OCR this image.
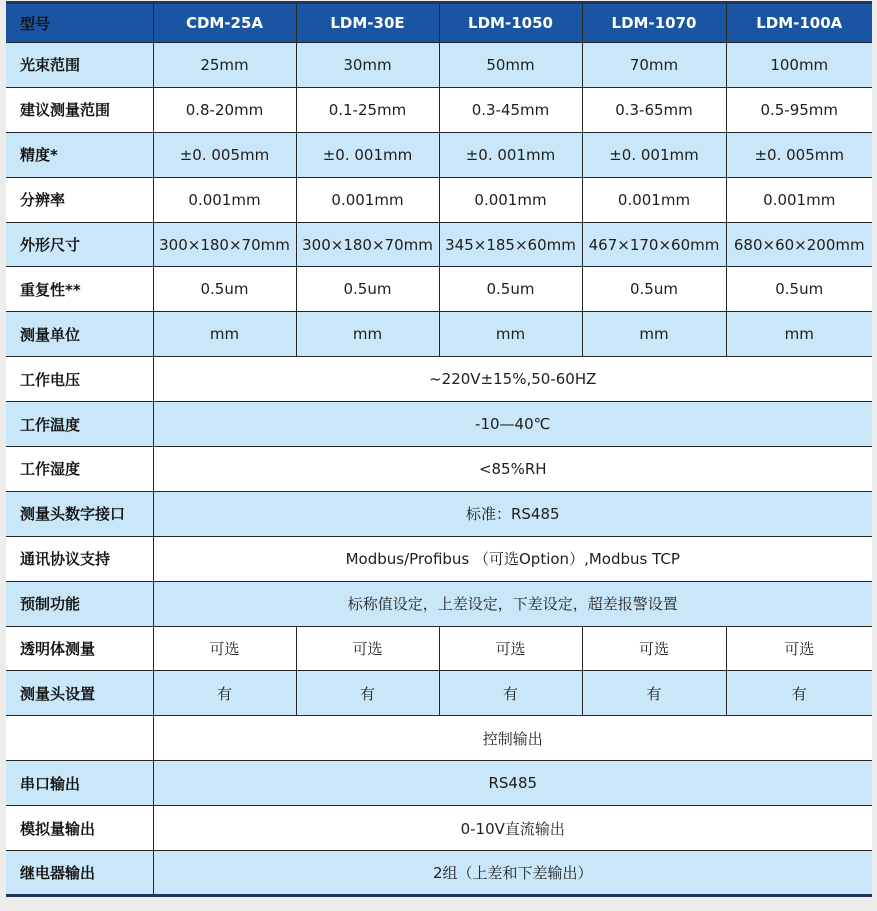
型号	CDM-25A	LDM-30E	LDM-1050	LDM-1070	LDM-100A
光束范围	25mm	30mm	50mm	70mm	100mm
建议测量范围	0.8-20mm	0.1-25mm	0.3-45mm	0.3-65mm	0.5-95mm
精度*	±0. 005mm	±0. 001mm	±0. 001mm	±0. 001mm	±0. 005mm
分辨率	0.001mm	0.001mm	0.001mm	0.001mm	0.001mm
外形尺寸	300×180×70mm	300×180×70mm	345×185×60mm	467×170×60mm	680×60×200mm
重复性**	0.5um	0.5um	0.5um	0.5um	0.5um
测量单位	mm	mm	mm	mm	mm
工作电压	~220V±15%,50-60HZ				
工作温度	-10—40℃				
工作湿度	<85%RH				
测量头数字接口	标准：RS485				
通讯协议支持	Modbus/Profibus （可选Option）,Modbus TCP				
预制功能	标称值设定，上差设定，下差设定，超差报警设置				
透明体测量	可选	可选	可选	可选	可选
测量头设置	有	有	有	有	有
	控制输出				
串口输出	RS485				
模拟量输出	0-10V直流输出				
继电器输出	2组（上差和下差输出）				
